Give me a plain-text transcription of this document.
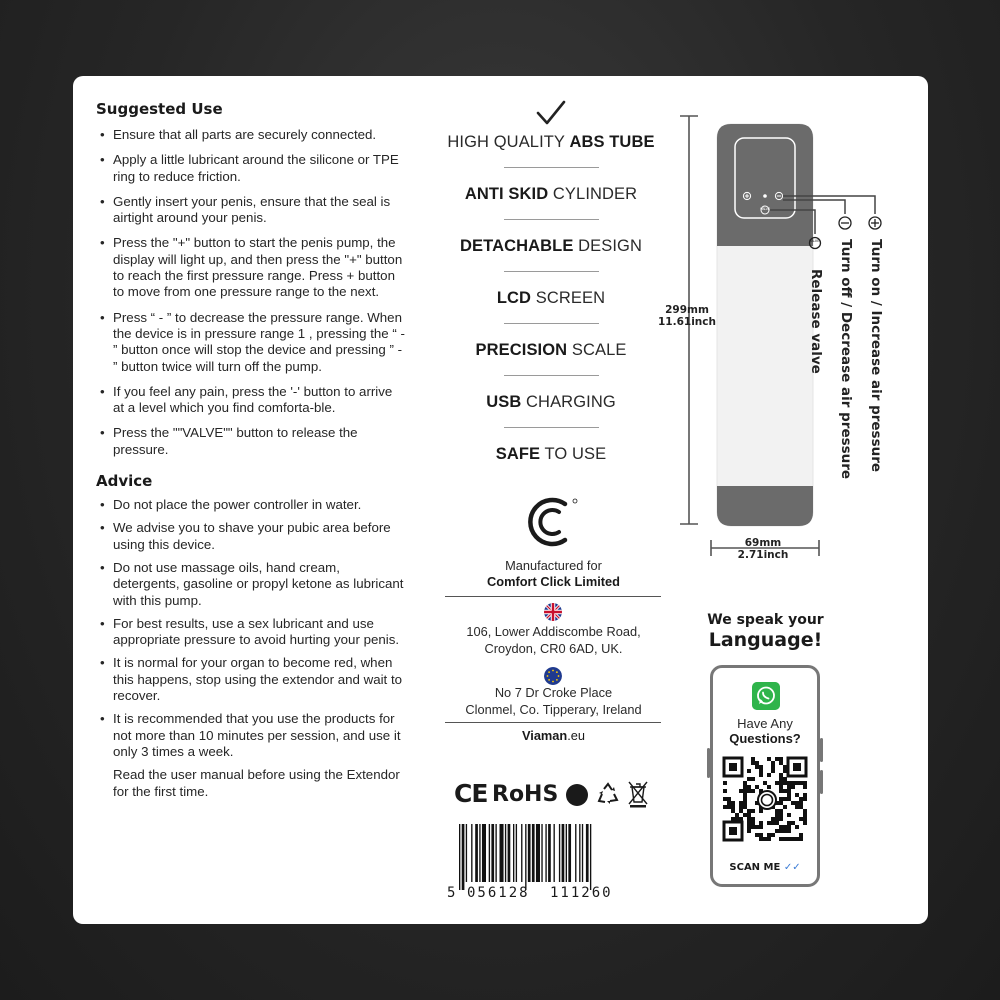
Suggested Use
• Ensure that all parts are securely connected.
• Apply a little lubricant around the silicone or TPE ring to reduce friction.
• Gently insert your penis, ensure that the seal is airtight around your penis.
• Press the "+" button to start the penis pump, the display will light up, and then press the "+" button to reach the first pressure range. Press + button to move from one pressure range to the next.
• Press “ - ” to decrease the pressure range. When the device is in pressure range 1 , pressing the “ - ” button once will stop the device and pressing ” - ” button twice will turn off the pump.
• If you feel any pain, press the '-' button to arrive at a level which you find comforta-ble.
• Press the ""VALVE"" button to release the pressure.
Advice
• Do not place the power controller in water.
• We advise you to shave your pubic area before using this device.
• Do not use massage oils, hand cream, detergents, gasoline or propyl ketone as lubricant with this pump.
• For best results, use a sex lubricant and use appropriate pressure to avoid hurting your penis.
• It is normal for your organ to become red, when this happens, stop using the extendor and wait to recover.
• It is recommended that you use the products for not more than 10 minutes per session, and use it only 3 times a week.
Read the user manual before using the Extendor for the first time.
HIGH QUALITY ABS TUBE
ANTI SKID CYLINDER
DETACHABLE DESIGN
LCD SCREEN
PRECISION SCALE
USB CHARGING
SAFE TO USE
Manufactured for
Comfort Click Limited
106, Lower Addiscombe Road,
Croydon, CR0 6AD, UK.
No 7 Dr Croke Place
Clonmel, Co. Tipperary, Ireland
Viaman.eu
CE RoHS
5 056128 111260
VALVE
VALVE
299mm
11.61inch
69mm
2.71inch
Turn on / Increase air pressure
Turn off / Decrease air pressure
Release valve
We speak your
Language!
Have Any
Questions?
SCAN ME ✓✓
